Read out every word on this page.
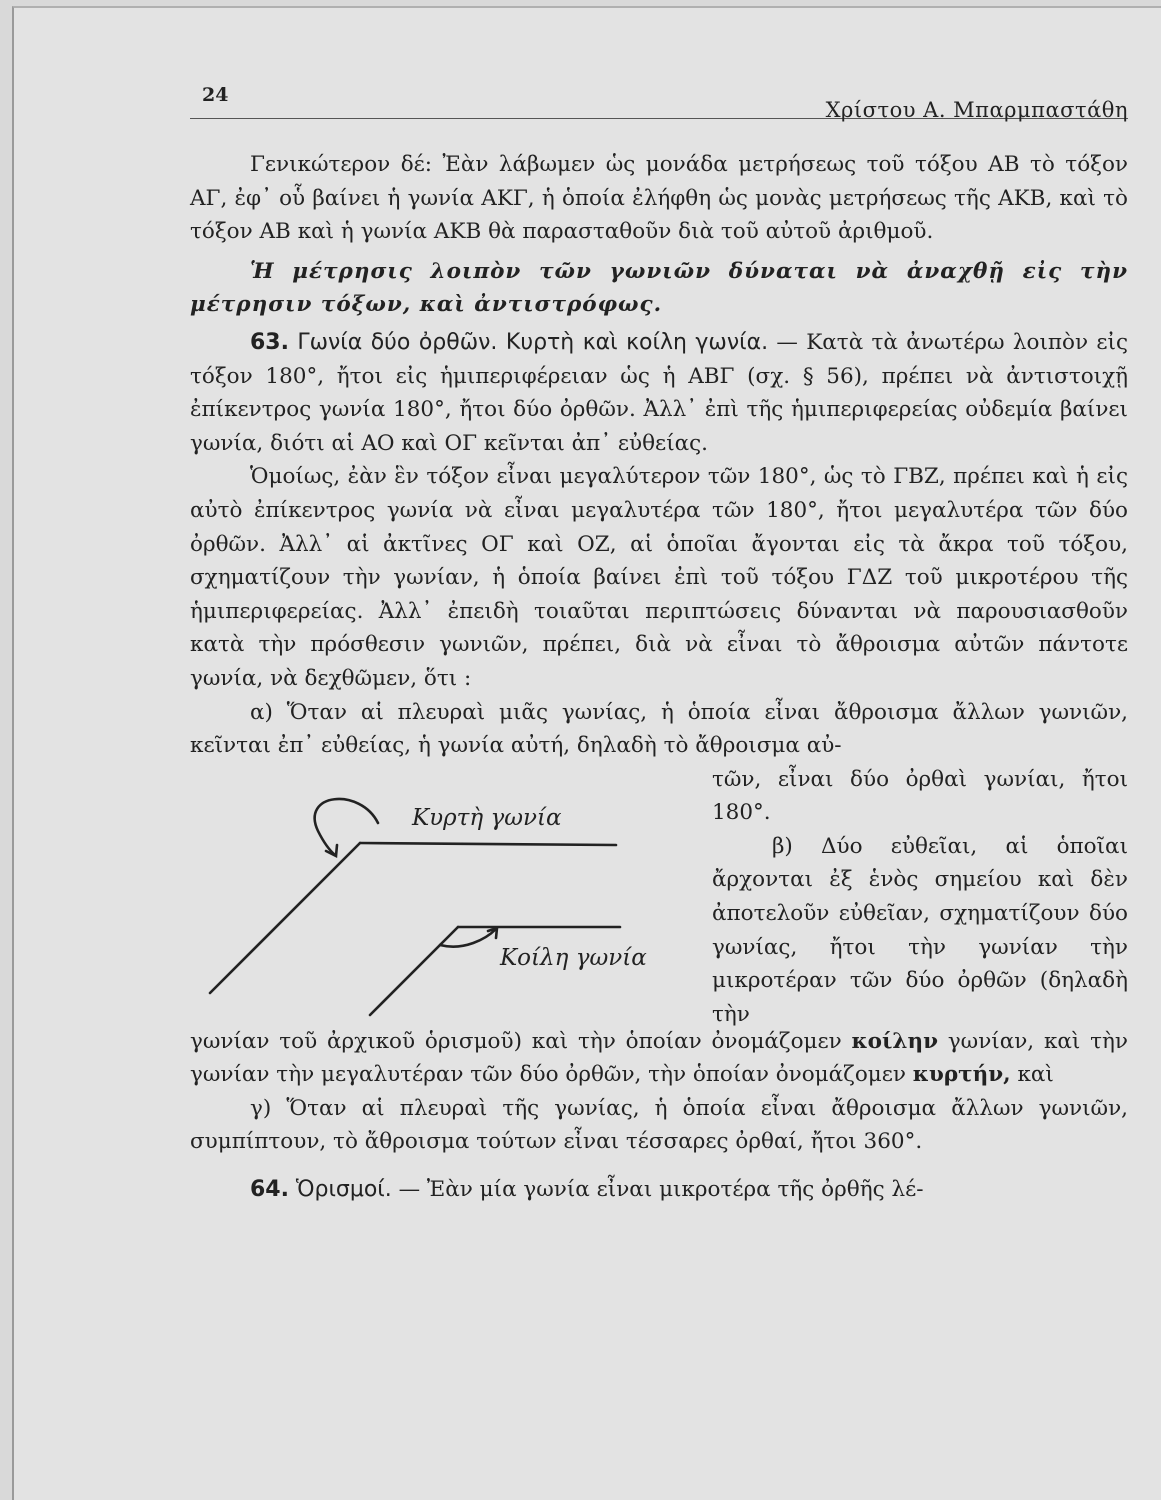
24
Χρίστου Α. Μπαρμπαστάθη

Γενικώτερον δέ: Ἐὰν λάβωμεν ὡς μονάδα μετρήσεως τοῦ τόξου ΑΒ τὸ τόξον ΑΓ, ἐφ᾿ οὗ βαίνει ἡ γωνία ΑΚΓ, ἡ ὁποία ἐλήφθη ὡς μονὰς μετρήσεως τῆς ΑΚΒ, καὶ τὸ τόξον ΑΒ καὶ ἡ γωνία ΑΚΒ θὰ παρασταθοῦν διὰ τοῦ αὐτοῦ ἀριθμοῦ.

Ἡ μέτρησις λοιπὸν τῶν γωνιῶν δύναται νὰ ἀναχθῇ εἰς τὴν μέτρησιν τόξων, καὶ ἀντιστρόφως.

63. Γωνία δύο ὀρθῶν. Κυρτὴ καὶ κοίλη γωνία. — Κατὰ τὰ ἀνωτέρω λοιπὸν εἰς τόξον 180°, ἤτοι εἰς ἡμιπεριφέρειαν ὡς ἡ ΑΒΓ (σχ. § 56), πρέπει νὰ ἀντιστοιχῇ ἐπίκεντρος γωνία 180°, ἤτοι δύο ὀρθῶν. Ἀλλ᾿ ἐπὶ τῆς ἡμιπεριφερείας οὐδεμία βαίνει γωνία, διότι αἱ ΑΟ καὶ ΟΓ κεῖνται ἀπ᾿ εὐθείας.

Ὁμοίως, ἐὰν ἓν τόξον εἶναι μεγαλύτερον τῶν 180°, ὡς τὸ ΓΒΖ, πρέπει καὶ ἡ εἰς αὐτὸ ἐπίκεντρος γωνία νὰ εἶναι μεγαλυτέρα τῶν 180°, ἤτοι μεγαλυτέρα τῶν δύο ὀρθῶν. Ἀλλ᾿ αἱ ἀκτῖνες ΟΓ καὶ ΟΖ, αἱ ὁποῖαι ἄγονται εἰς τὰ ἄκρα τοῦ τόξου, σχηματίζουν τὴν γωνίαν, ἡ ὁποία βαίνει ἐπὶ τοῦ τόξου ΓΔΖ τοῦ μικροτέρου τῆς ἡμιπεριφερείας. Ἀλλ᾿ ἐπειδὴ τοιαῦται περιπτώσεις δύνανται νὰ παρουσιασθοῦν κατὰ τὴν πρόσθεσιν γωνιῶν, πρέπει, διὰ νὰ εἶναι τὸ ἄθροισμα αὐτῶν πάντοτε γωνία, νὰ δεχθῶμεν, ὅτι :

α) Ὅταν αἱ πλευραὶ μιᾶς γωνίας, ἡ ὁποία εἶναι ἄθροισμα ἄλλων γωνιῶν, κεῖνται ἐπ᾿ εὐθείας, ἡ γωνία αὐτή, δηλαδὴ τὸ ἄθροισμα αὐ-

Κυρτὴ γωνία
Κοίλη γωνία

τῶν, εἶναι δύο ὀρθαὶ γωνίαι, ἤτοι 180°.

β) Δύο εὐθεῖαι, αἱ ὁποῖαι ἄρχονται ἐξ ἑνὸς σημείου καὶ δὲν ἀποτελοῦν εὐθεῖαν, σχηματίζουν δύο γωνίας, ἤτοι τὴν γωνίαν τὴν μικροτέραν τῶν δύο ὀρθῶν (δηλαδὴ τὴν

γωνίαν τοῦ ἀρχικοῦ ὁρισμοῦ) καὶ τὴν ὁποίαν ὀνομάζομεν κοίλην γωνίαν, καὶ τὴν γωνίαν τὴν μεγαλυτέραν τῶν δύο ὀρθῶν, τὴν ὁποίαν ὀνομάζομεν κυρτήν, καὶ

γ) Ὅταν αἱ πλευραὶ τῆς γωνίας, ἡ ὁποία εἶναι ἄθροισμα ἄλλων γωνιῶν, συμπίπτουν, τὸ ἄθροισμα τούτων εἶναι τέσσαρες ὀρθαί, ἤτοι 360°.

64. Ὁρισμοί. — Ἐὰν μία γωνία εἶναι μικροτέρα τῆς ὀρθῆς λέ-
